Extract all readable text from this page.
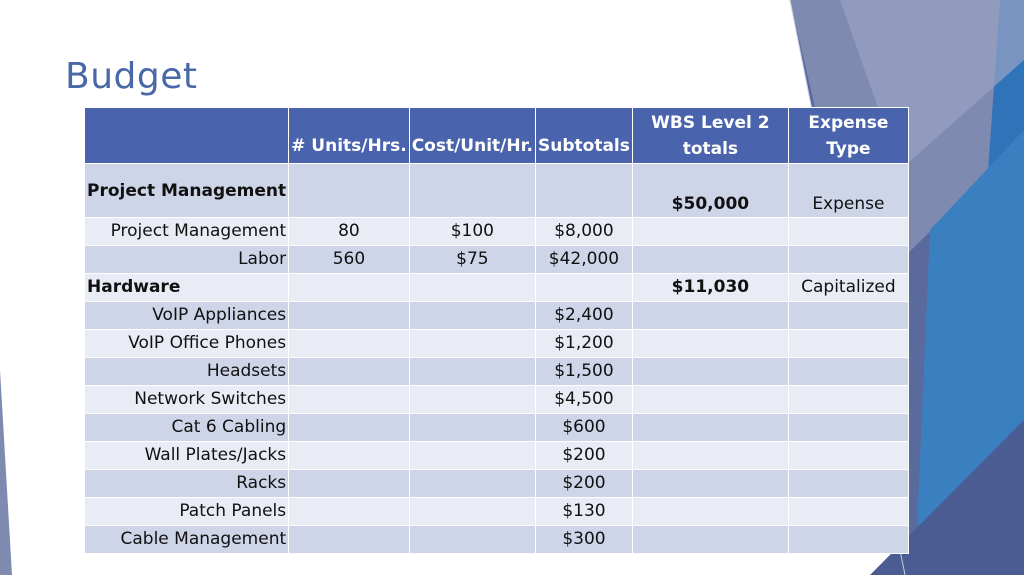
Budget
	# Units/Hrs.	Cost/Unit/Hr.	Subtotals	WBS Level 2 totals	Expense Type
Project Management				$50,000	Expense
Project Management	80	$100	$8,000		
Labor	560	$75	$42,000		
Hardware				$11,030	Capitalized
VoIP Appliances			$2,400		
VoIP Office Phones			$1,200		
Headsets			$1,500		
Network Switches			$4,500		
Cat 6 Cabling			$600		
Wall Plates/Jacks			$200		
Racks			$200		
Patch Panels			$130		
Cable Management			$300		
